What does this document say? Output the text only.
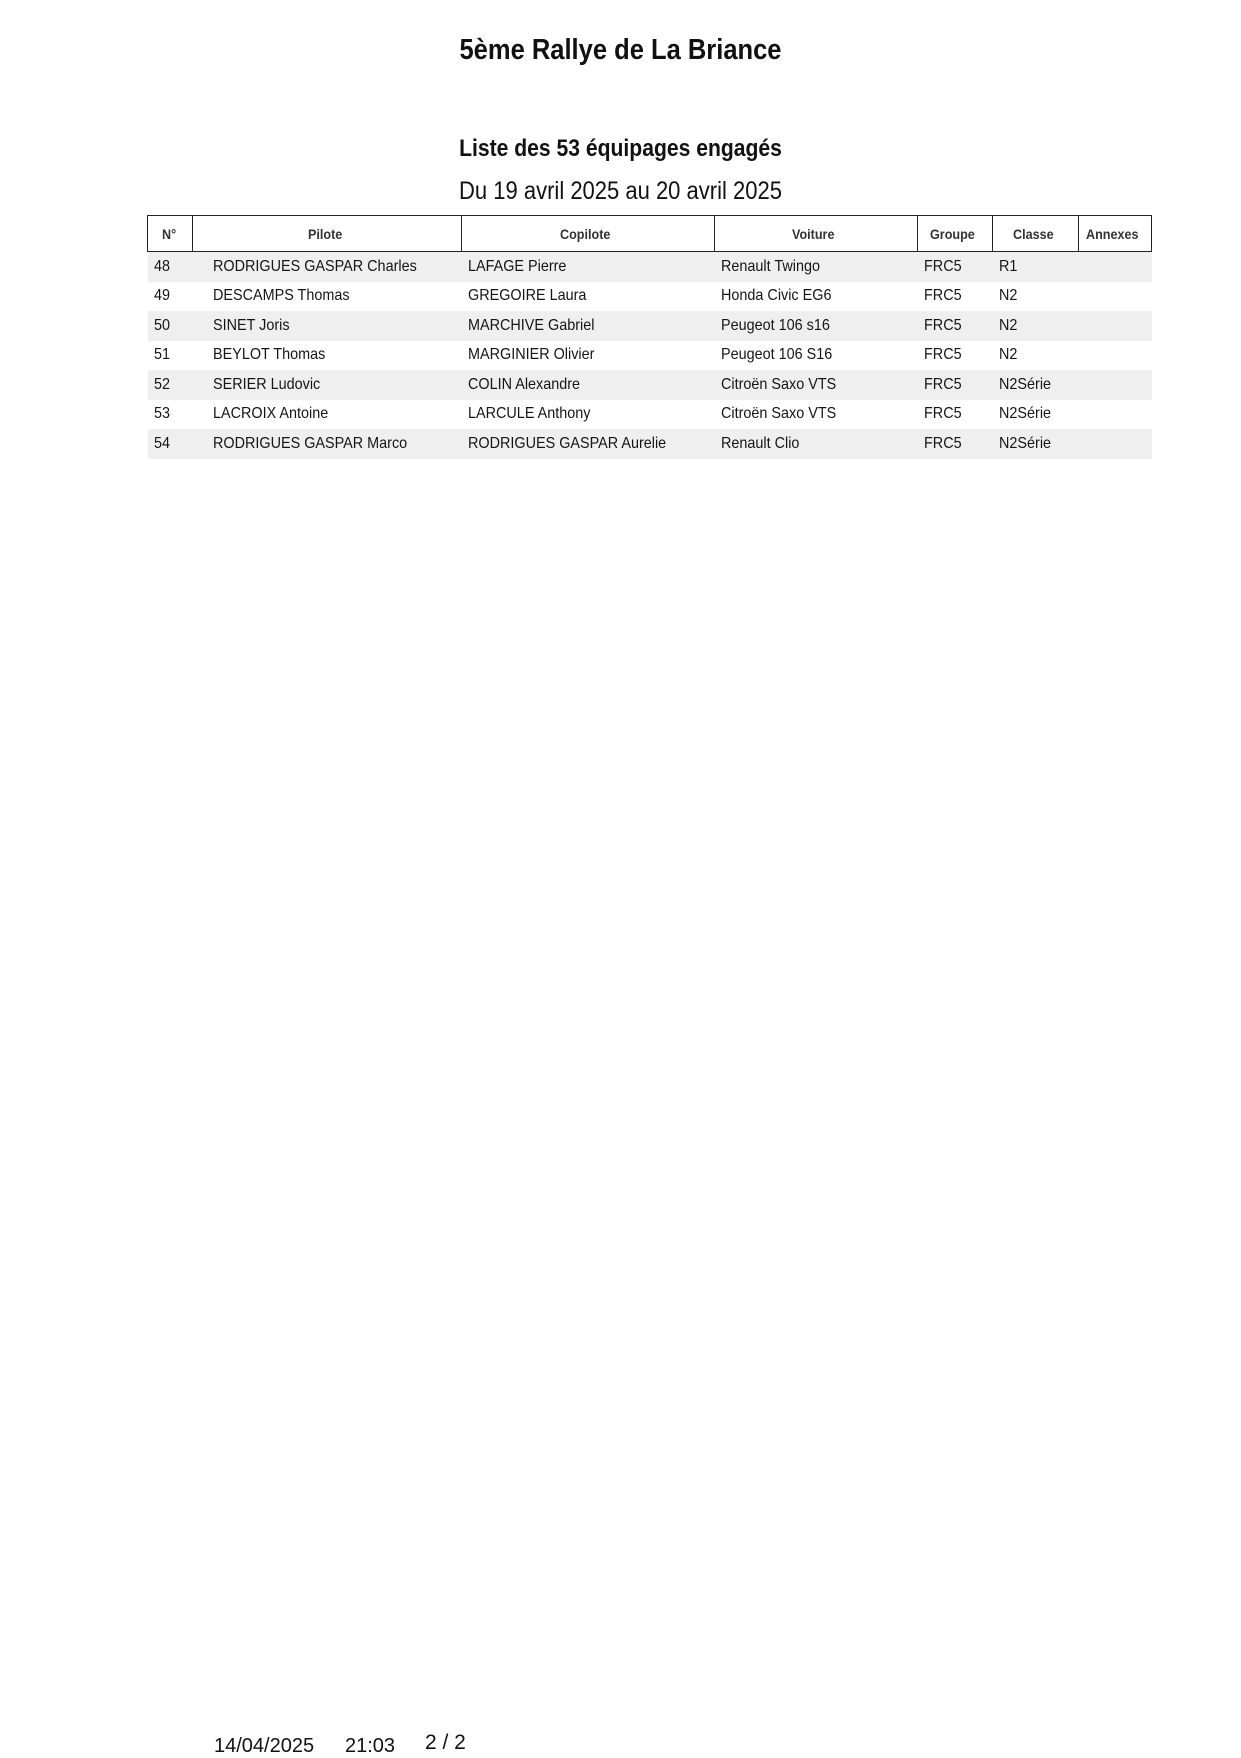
5ème Rallye de La Briance
Liste des 53 équipages engagés
Du 19 avril 2025 au 20 avril 2025
N°	Pilote	Copilote	Voiture	Groupe	Classe	Annexes
48	RODRIGUES GASPAR Charles	LAFAGE Pierre	Renault Twingo	FRC5	R1	
49	DESCAMPS Thomas	GREGOIRE Laura	Honda Civic EG6	FRC5	N2	
50	SINET Joris	MARCHIVE Gabriel	Peugeot 106 s16	FRC5	N2	
51	BEYLOT Thomas	MARGINIER Olivier	Peugeot 106 S16	FRC5	N2	
52	SERIER Ludovic	COLIN Alexandre	Citroën Saxo VTS	FRC5	N2Série	
53	LACROIX Antoine	LARCULE Anthony	Citroën Saxo VTS	FRC5	N2Série	
54	RODRIGUES GASPAR Marco	RODRIGUES GASPAR Aurelie	Renault Clio	FRC5	N2Série	
14/04/2025 21:03 2 / 2
